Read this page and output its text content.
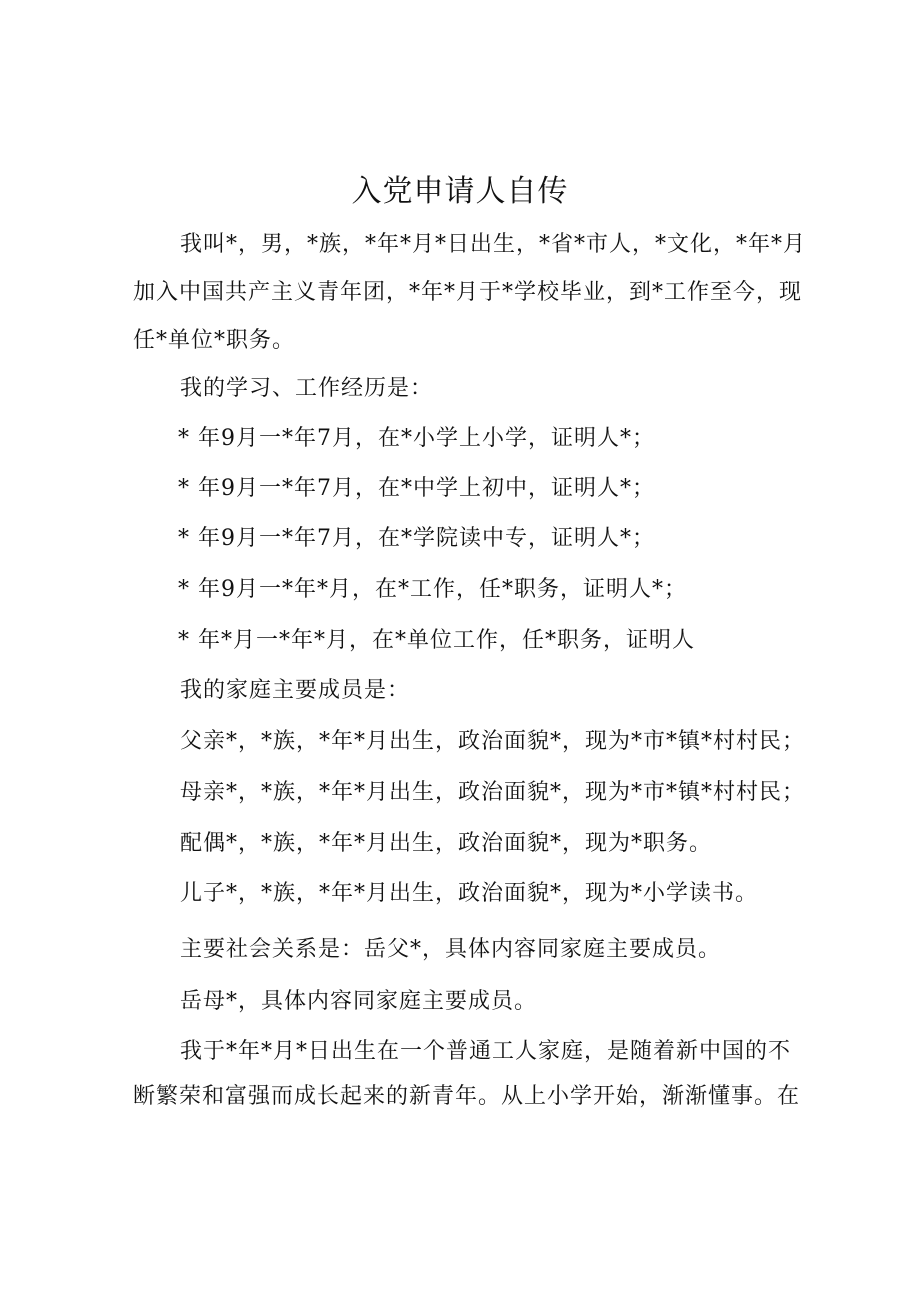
入党申请人自传
我叫*，男，*族，*年*月*日出生，*省*市人，*文化，*年*月
加入中国共产主义青年团，*年*月于*学校毕业，到*工作至今，现
任*单位*职务。
我的学习、工作经历是：
* 年9月一*年7月，在*小学上小学，证明人*；
* 年9月一*年7月，在*中学上初中，证明人*；
* 年9月一*年7月，在*学院读中专，证明人*；
* 年9月一*年*月，在*工作，任*职务，证明人*；
* 年*月一*年*月，在*单位工作，任*职务，证明人
我的家庭主要成员是：
父亲*，*族，*年*月出生，政治面貌*，现为*市*镇*村村民；
母亲*，*族，*年*月出生，政治面貌*，现为*市*镇*村村民；
配偶*，*族，*年*月出生，政治面貌*，现为*职务。
儿子*，*族，*年*月出生，政治面貌*，现为*小学读书。
主要社会关系是：岳父*，具体内容同家庭主要成员。
岳母*，具体内容同家庭主要成员。
我于*年*月*日出生在一个普通工人家庭，是随着新中国的不
断繁荣和富强而成长起来的新青年。从上小学开始，渐渐懂事。在
